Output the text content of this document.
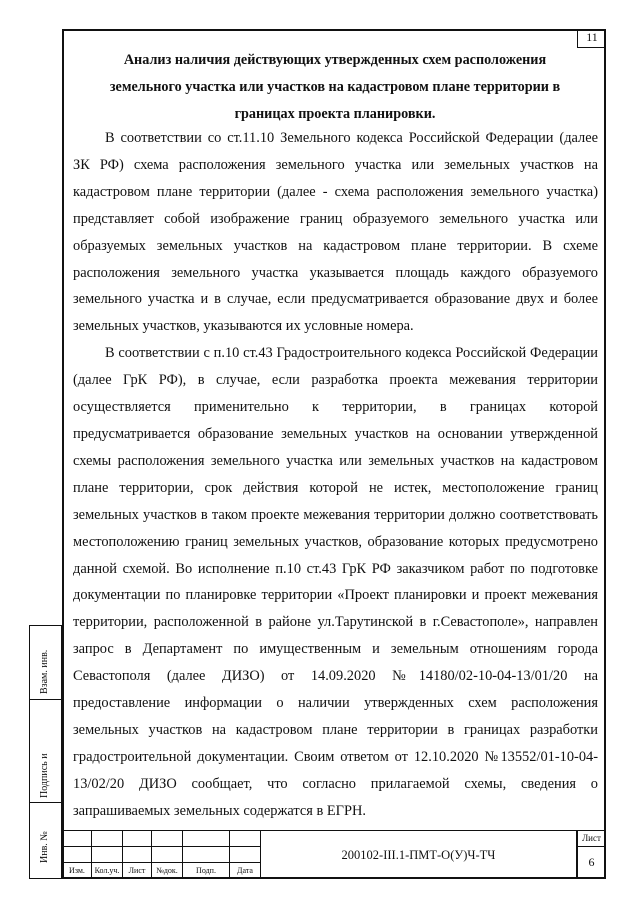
11
Анализ наличия действующих утвержденных схем расположения земельного участка или участков на кадастровом плане территории в границах проекта планировки.

В соответствии со ст.11.10 Земельного кодекса Российской Федерации (далее ЗК РФ) схема расположения земельного участка или земельных участков на кадастровом плане территории (далее - схема расположения земельного участка) представляет собой изображение границ образуемого земельного участка или образуемых земельных участков на кадастровом плане территории. В схеме расположения земельного участка указывается площадь каждого образуемого земельного участка и в случае, если предусматривается образование двух и более земельных участков, указываются их условные номера.

В соответствии с п.10 ст.43 Градостроительного кодекса Российской Федерации (далее ГрК РФ), в случае, если разработка проекта межевания территории осуществляется применительно к территории, в границах которой предусматривается образование земельных участков на основании утвержденной схемы расположения земельного участка или земельных участков на кадастровом плане территории, срок действия которой не истек, местоположение границ земельных участков в таком проекте межевания территории должно соответствовать местоположению границ земельных участков, образование которых предусмотрено данной схемой. Во исполнение п.10 ст.43 ГрК РФ заказчиком работ по подготовке документации по планировке территории «Проект планировки и проект межевания территории, расположенной в районе ул.Тарутинской в г.Севастополе», направлен запрос в Департамент по имущественным и земельным отношениям города Севастополя (далее ДИЗО) от 14.09.2020 №14180/02-10-04-13/01/20 на предоставление информации о наличии утвержденных схем расположения земельных участков на кадастровом плане территории в границах разработки градостроительной документации. Своим ответом от 12.10.2020 №13552/01-10-04-13/02/20 ДИЗО сообщает, что согласно прилагаемой схемы, сведения о запрашиваемых земельных содержатся в ЕГРН.

Взам. инв.
Подпись и
Инв. №

Изм.	Кол.уч.	Лист	№док.	Подп.	Дата
200102-III.1-ПМТ-О(У)Ч-ТЧ
Лист
6
